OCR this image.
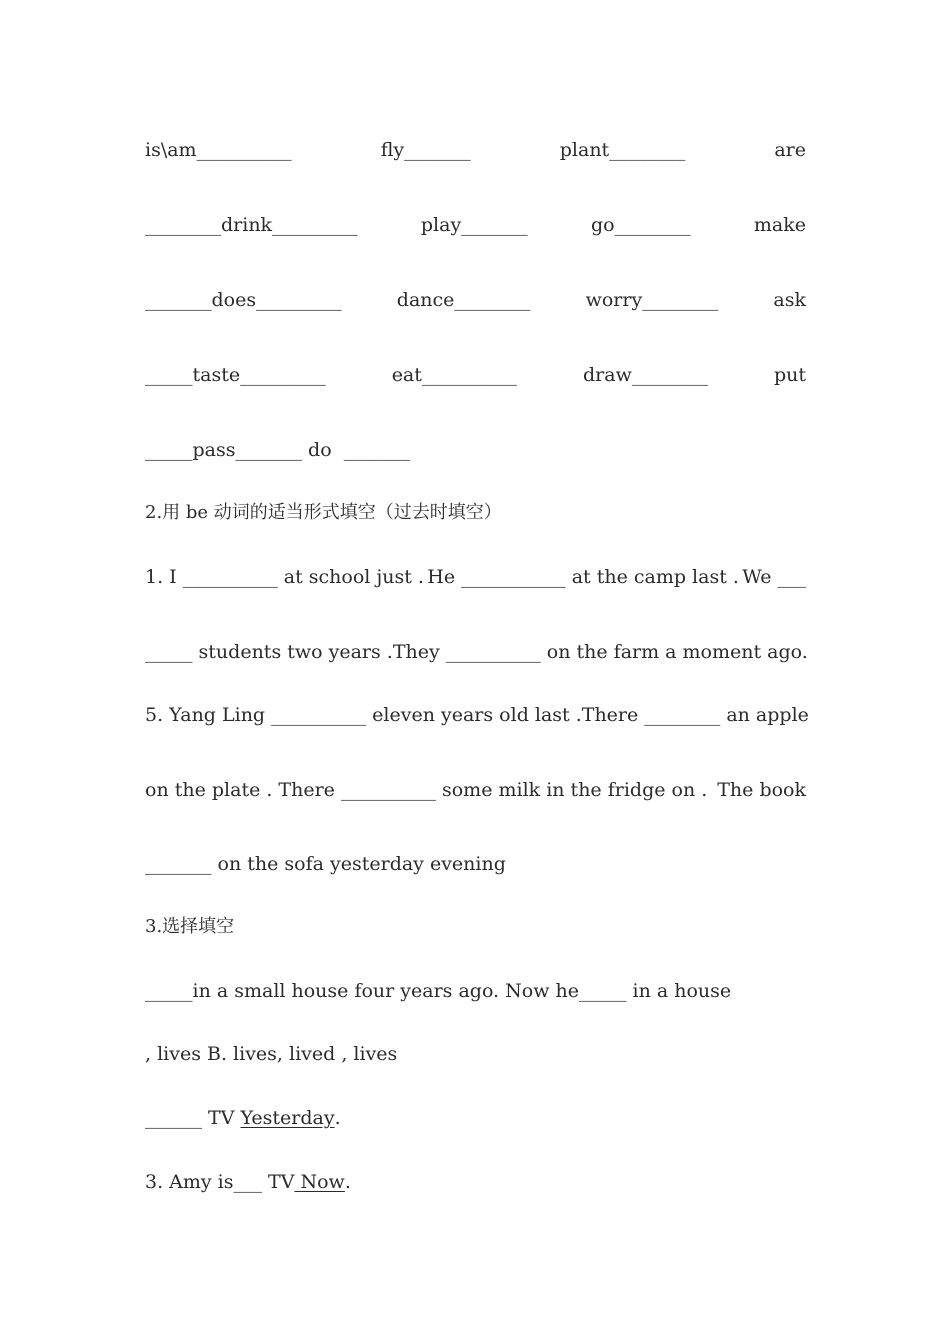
is\am__________	fly_______	plant________	are
________drink_________	play_______	go________	make
_______does_________	dance________	worry________	ask
_____taste_________	eat__________	draw________	put
_____pass_______ do  _______
2.用 be 动词的适当形式填空（过去时填空）
1. I __________ at school just . He ___________ at the camp last . We ___
_____ students two years . They __________ on the farm a moment ago.
5. Yang Ling __________ eleven years old last . There ________ an apple
on the plate . There __________ some milk in the fridge on . The book
_______ on the sofa yesterday evening
3.选择填空
_____in a small house four years ago. Now he_____ in a house
, lives B. lives, lived , lives
______ TV Yesterday .
3. Amy is___ TV Now .
